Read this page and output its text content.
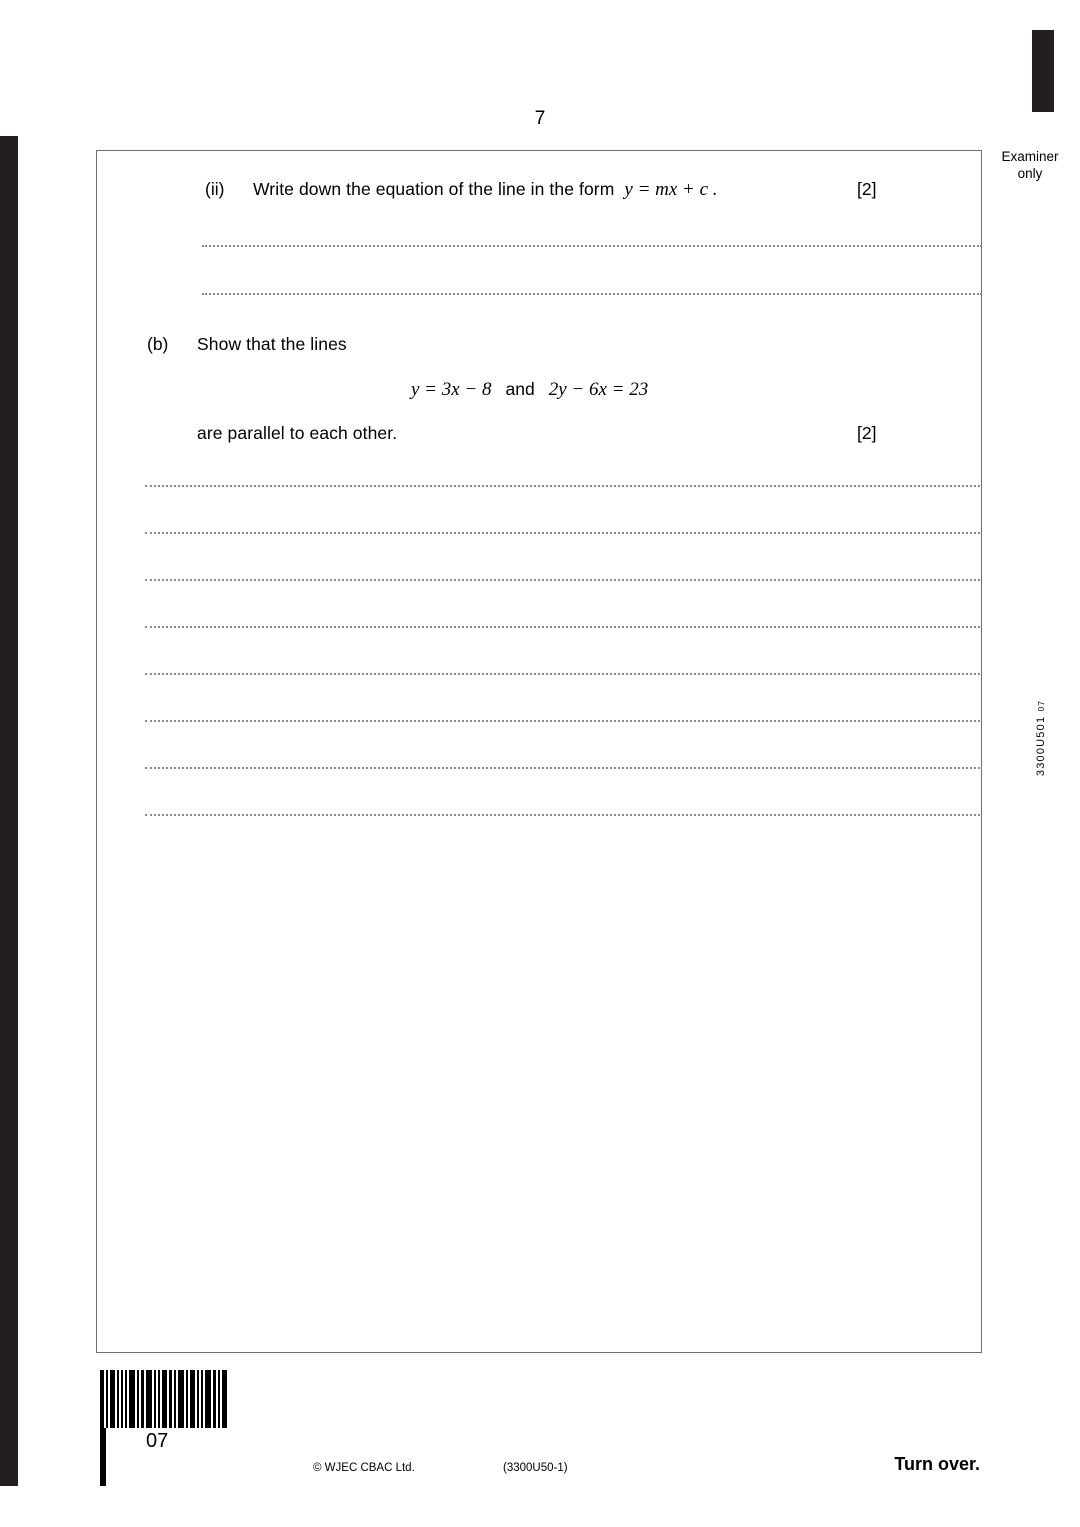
7
Examiner
only
3300U501 07
(ii)	Write down the equation of the line in the form y = mx + c .	[2]
(b) Show that the lines
y = 3x − 8 and 2y − 6x = 23
are parallel to each other.	[2]
07
© WJEC CBAC Ltd.	(3300U50-1)	Turn over.
